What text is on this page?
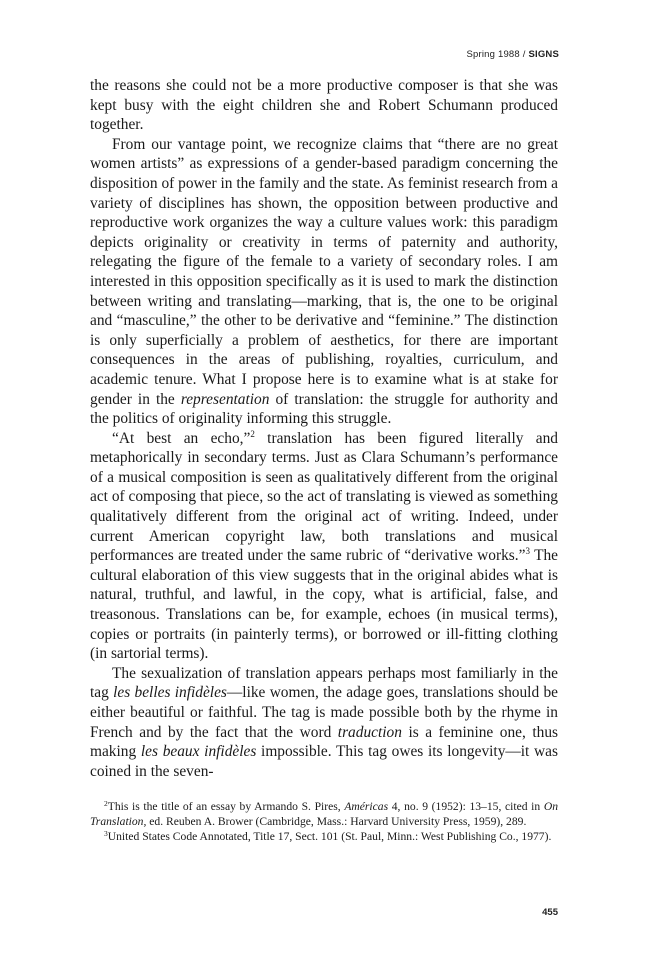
Spring 1988 / SIGNS

the reasons she could not be a more productive composer is that she was kept busy with the eight children she and Robert Schumann produced together.

From our vantage point, we recognize claims that “there are no great women artists” as expressions of a gender-based paradigm concerning the disposition of power in the family and the state. As feminist research from a variety of disciplines has shown, the opposition between productive and reproductive work organizes the way a culture values work: this paradigm depicts originality or creativity in terms of paternity and authority, relegating the figure of the female to a variety of secondary roles. I am interested in this opposition specifically as it is used to mark the distinction between writing and translating—marking, that is, the one to be original and “masculine,” the other to be derivative and “feminine.” The distinction is only superficially a problem of aesthetics, for there are important consequences in the areas of publishing, royalties, curriculum, and academic tenure. What I propose here is to examine what is at stake for gender in the representation of translation: the struggle for authority and the politics of originality informing this struggle.

“At best an echo,”$^2$ translation has been figured literally and metaphorically in secondary terms. Just as Clara Schumann’s performance of a musical composition is seen as qualitatively different from the original act of composing that piece, so the act of translating is viewed as something qualitatively different from the original act of writing. Indeed, under current American copyright law, both translations and musical performances are treated under the same rubric of “derivative works.”$^3$ The cultural elaboration of this view suggests that in the original abides what is natural, truthful, and lawful, in the copy, what is artificial, false, and treasonous. Translations can be, for example, echoes (in musical terms), copies or portraits (in painterly terms), or borrowed or ill-fitting clothing (in sartorial terms).

The sexualization of translation appears perhaps most familiarly in the tag les belles infidèles—like women, the adage goes, translations should be either beautiful or faithful. The tag is made possible both by the rhyme in French and by the fact that the word traduction is a feminine one, thus making les beaux infidèles impossible. This tag owes its longevity—it was coined in the seven-

$^2$This is the title of an essay by Armando S. Pires, Américas 4, no. 9 (1952): 13–15, cited in On Translation, ed. Reuben A. Brower (Cambridge, Mass.: Harvard University Press, 1959), 289.

$^3$United States Code Annotated, Title 17, Sect. 101 (St. Paul, Minn.: West Publishing Co., 1977).

455
